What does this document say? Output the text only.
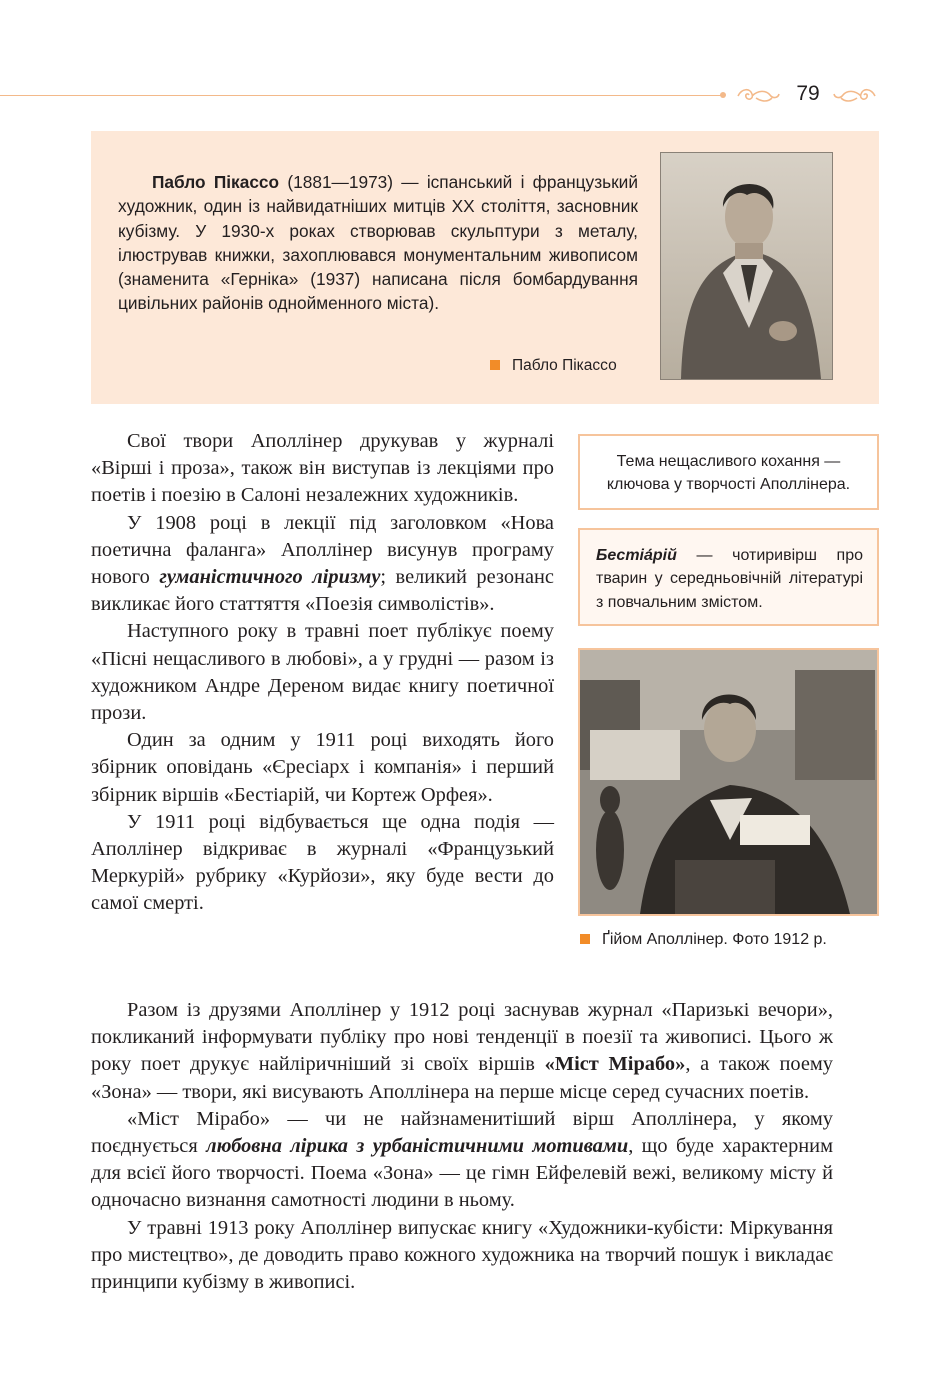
79

Пабло Пікассо (1881—1973) — іспанський і французький художник, один із найвидатніших митців XX століття, засновник кубізму. У 1930-х роках створював скульптури з металу, ілюстрував книжки, захоплювався монументальним живописом (знаменита «Герніка» (1937) написана після бомбардування цивільних районів однойменного міста).

Пабло Пікассо

Тема нещасливого кохання — ключова у творчості Аполлінера.

Бестіа́рій — чотиривірш про тварин у середньовічній літературі з повчальним змістом.

Ґійом Аполлінер. Фото 1912 р.

Свої твори Аполлінер друкував у журналі «Вірші і проза», також він виступав із лекціями про поетів і поезію в Салоні незалежних художників.

У 1908 році в лекції під заголовком «Нова поетична фаланга» Аполлінер висунув програму нового гуманістичного ліризму; великий резонанс викликає його статтяття «Поезія символістів».

Наступного року в травні поет публікує поему «Пісні нещасливого в любові», а у грудні — разом із художником Андре Дереном видає книгу поетичної прози.

Один за одним у 1911 році виходять його збірник оповідань «Єресіарх і компанія» і перший збірник віршів «Бестіарій, чи Кортеж Орфея».

У 1911 році відбувається ще одна подія — Аполлінер відкриває в журналі «Французький Меркурій» рубрику «Курйози», яку буде вести до самої смерті.

Разом із друзями Аполлінер у 1912 році заснував журнал «Паризькі вечори», покликаний інформувати публіку про нові тенденції в поезії та живописі. Цього ж року поет друкує найліричніший зі своїх віршів «Міст Мірабо», а також поему «Зона» — твори, які висувають Аполлінера на перше місце серед сучасних поетів.

«Міст Мірабо» — чи не найзнаменитіший вірш Аполлінера, у якому поєднується любовна лірика з урбаністичними мотивами, що буде характерним для всієї його творчості. Поема «Зона» — це гімн Ейфелевій вежі, великому місту й одночасно визнання самотності людини в ньому.

У травні 1913 року Аполлінер випускає книгу «Художники-кубісти: Міркування про мистецтво», де доводить право кожного художника на творчий пошук і викладає принципи кубізму в живописі.
